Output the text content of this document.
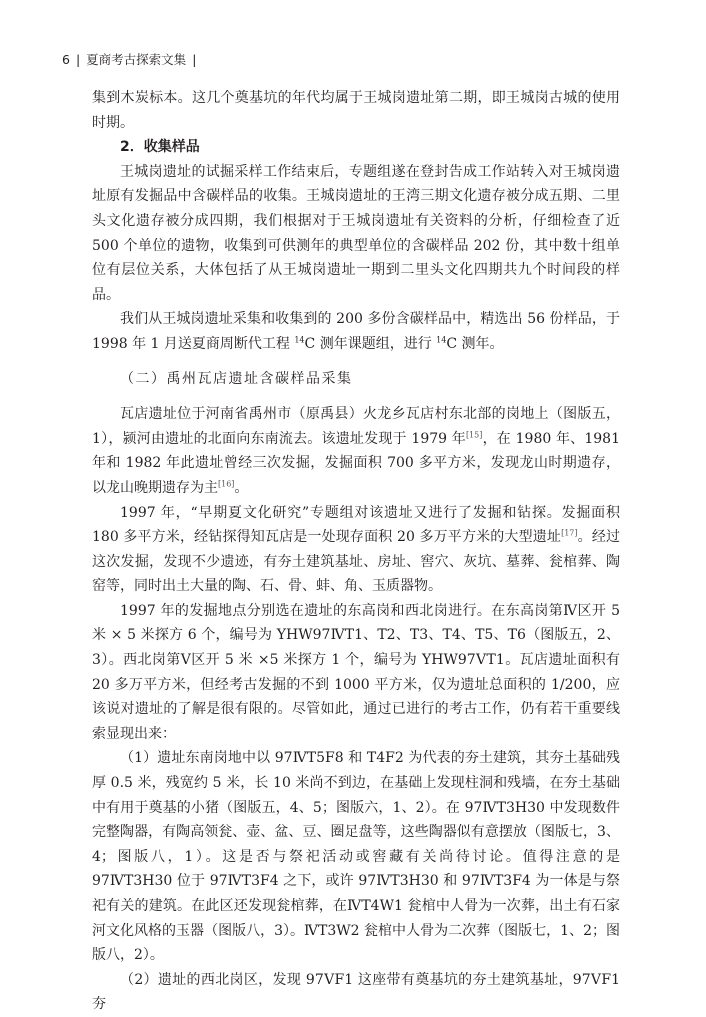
6 | 夏商考古探索文集 |

集到木炭标本。这几个奠基坑的年代均属于王城岗遗址第二期，即王城岗古城的使用时期。

2．收集样品

王城岗遗址的试掘采样工作结束后，专题组遂在登封告成工作站转入对王城岗遗址原有发掘品中含碳样品的收集。王城岗遗址的王湾三期文化遗存被分成五期、二里头文化遗存被分成四期，我们根据对于王城岗遗址有关资料的分析，仔细检查了近 500 个单位的遗物，收集到可供测年的典型单位的含碳样品 202 份，其中数十组单位有层位关系，大体包括了从王城岗遗址一期到二里头文化四期共九个时间段的样品。

我们从王城岗遗址采集和收集到的 200 多份含碳样品中，精选出 56 份样品，于 1998 年 1 月送夏商周断代工程 $^{14}$C 测年课题组，进行 $^{14}$C 测年。

（二）禹州瓦店遗址含碳样品采集

瓦店遗址位于河南省禹州市（原禹县）火龙乡瓦店村东北部的岗地上（图版五，1），颍河由遗址的北面向东南流去。该遗址发现于 1979 年[15]，在 1980 年、1981 年和 1982 年此遗址曾经三次发掘，发掘面积 700 多平方米，发现龙山时期遗存，以龙山晚期遗存为主[16]。

1997 年，“早期夏文化研究”专题组对该遗址又进行了发掘和钻探。发掘面积 180 多平方米，经钻探得知瓦店是一处现存面积 20 多万平方米的大型遗址[17]。经过这次发掘，发现不少遗迹，有夯土建筑基址、房址、窖穴、灰坑、墓葬、瓮棺葬、陶窑等，同时出土大量的陶、石、骨、蚌、角、玉质器物。

1997 年的发掘地点分别选在遗址的东高岗和西北岗进行。在东高岗第Ⅳ区开 5 米 × 5 米探方 6 个，编号为 YHW97ⅣT1、T2、T3、T4、T5、T6（图版五，2、3）。西北岗第Ⅴ区开 5 米 ×5 米探方 1 个，编号为 YHW97ⅤT1。瓦店遗址面积有 20 多万平方米，但经考古发掘的不到 1000 平方米，仅为遗址总面积的 1/200，应该说对遗址的了解是很有限的。尽管如此，通过已进行的考古工作，仍有若干重要线索显现出来：

（1）遗址东南岗地中以 97ⅣT5F8 和 T4F2 为代表的夯土建筑，其夯土基础残厚 0.5 米，残宽约 5 米，长 10 米尚不到边，在基础上发现柱洞和残墙，在夯土基础中有用于奠基的小猪（图版五，4、5；图版六，1、2）。在 97ⅣT3H30 中发现数件完整陶器，有陶高领瓮、壶、盆、豆、圈足盘等，这些陶器似有意摆放（图版七，3、4；图版八，1）。这是否与祭祀活动或窖藏有关尚待讨论。值得注意的是 97ⅣT3H30 位于 97ⅣT3F4 之下，或许 97ⅣT3H30 和 97ⅣT3F4 为一体是与祭祀有关的建筑。在此区还发现瓮棺葬，在ⅣT4W1 瓮棺中人骨为一次葬，出土有石家河文化风格的玉器（图版八，3）。ⅣT3W2 瓮棺中人骨为二次葬（图版七，1、2；图版八，2）。

（2）遗址的西北岗区，发现 97ⅤF1 这座带有奠基坑的夯土建筑基址，97ⅤF1 夯
